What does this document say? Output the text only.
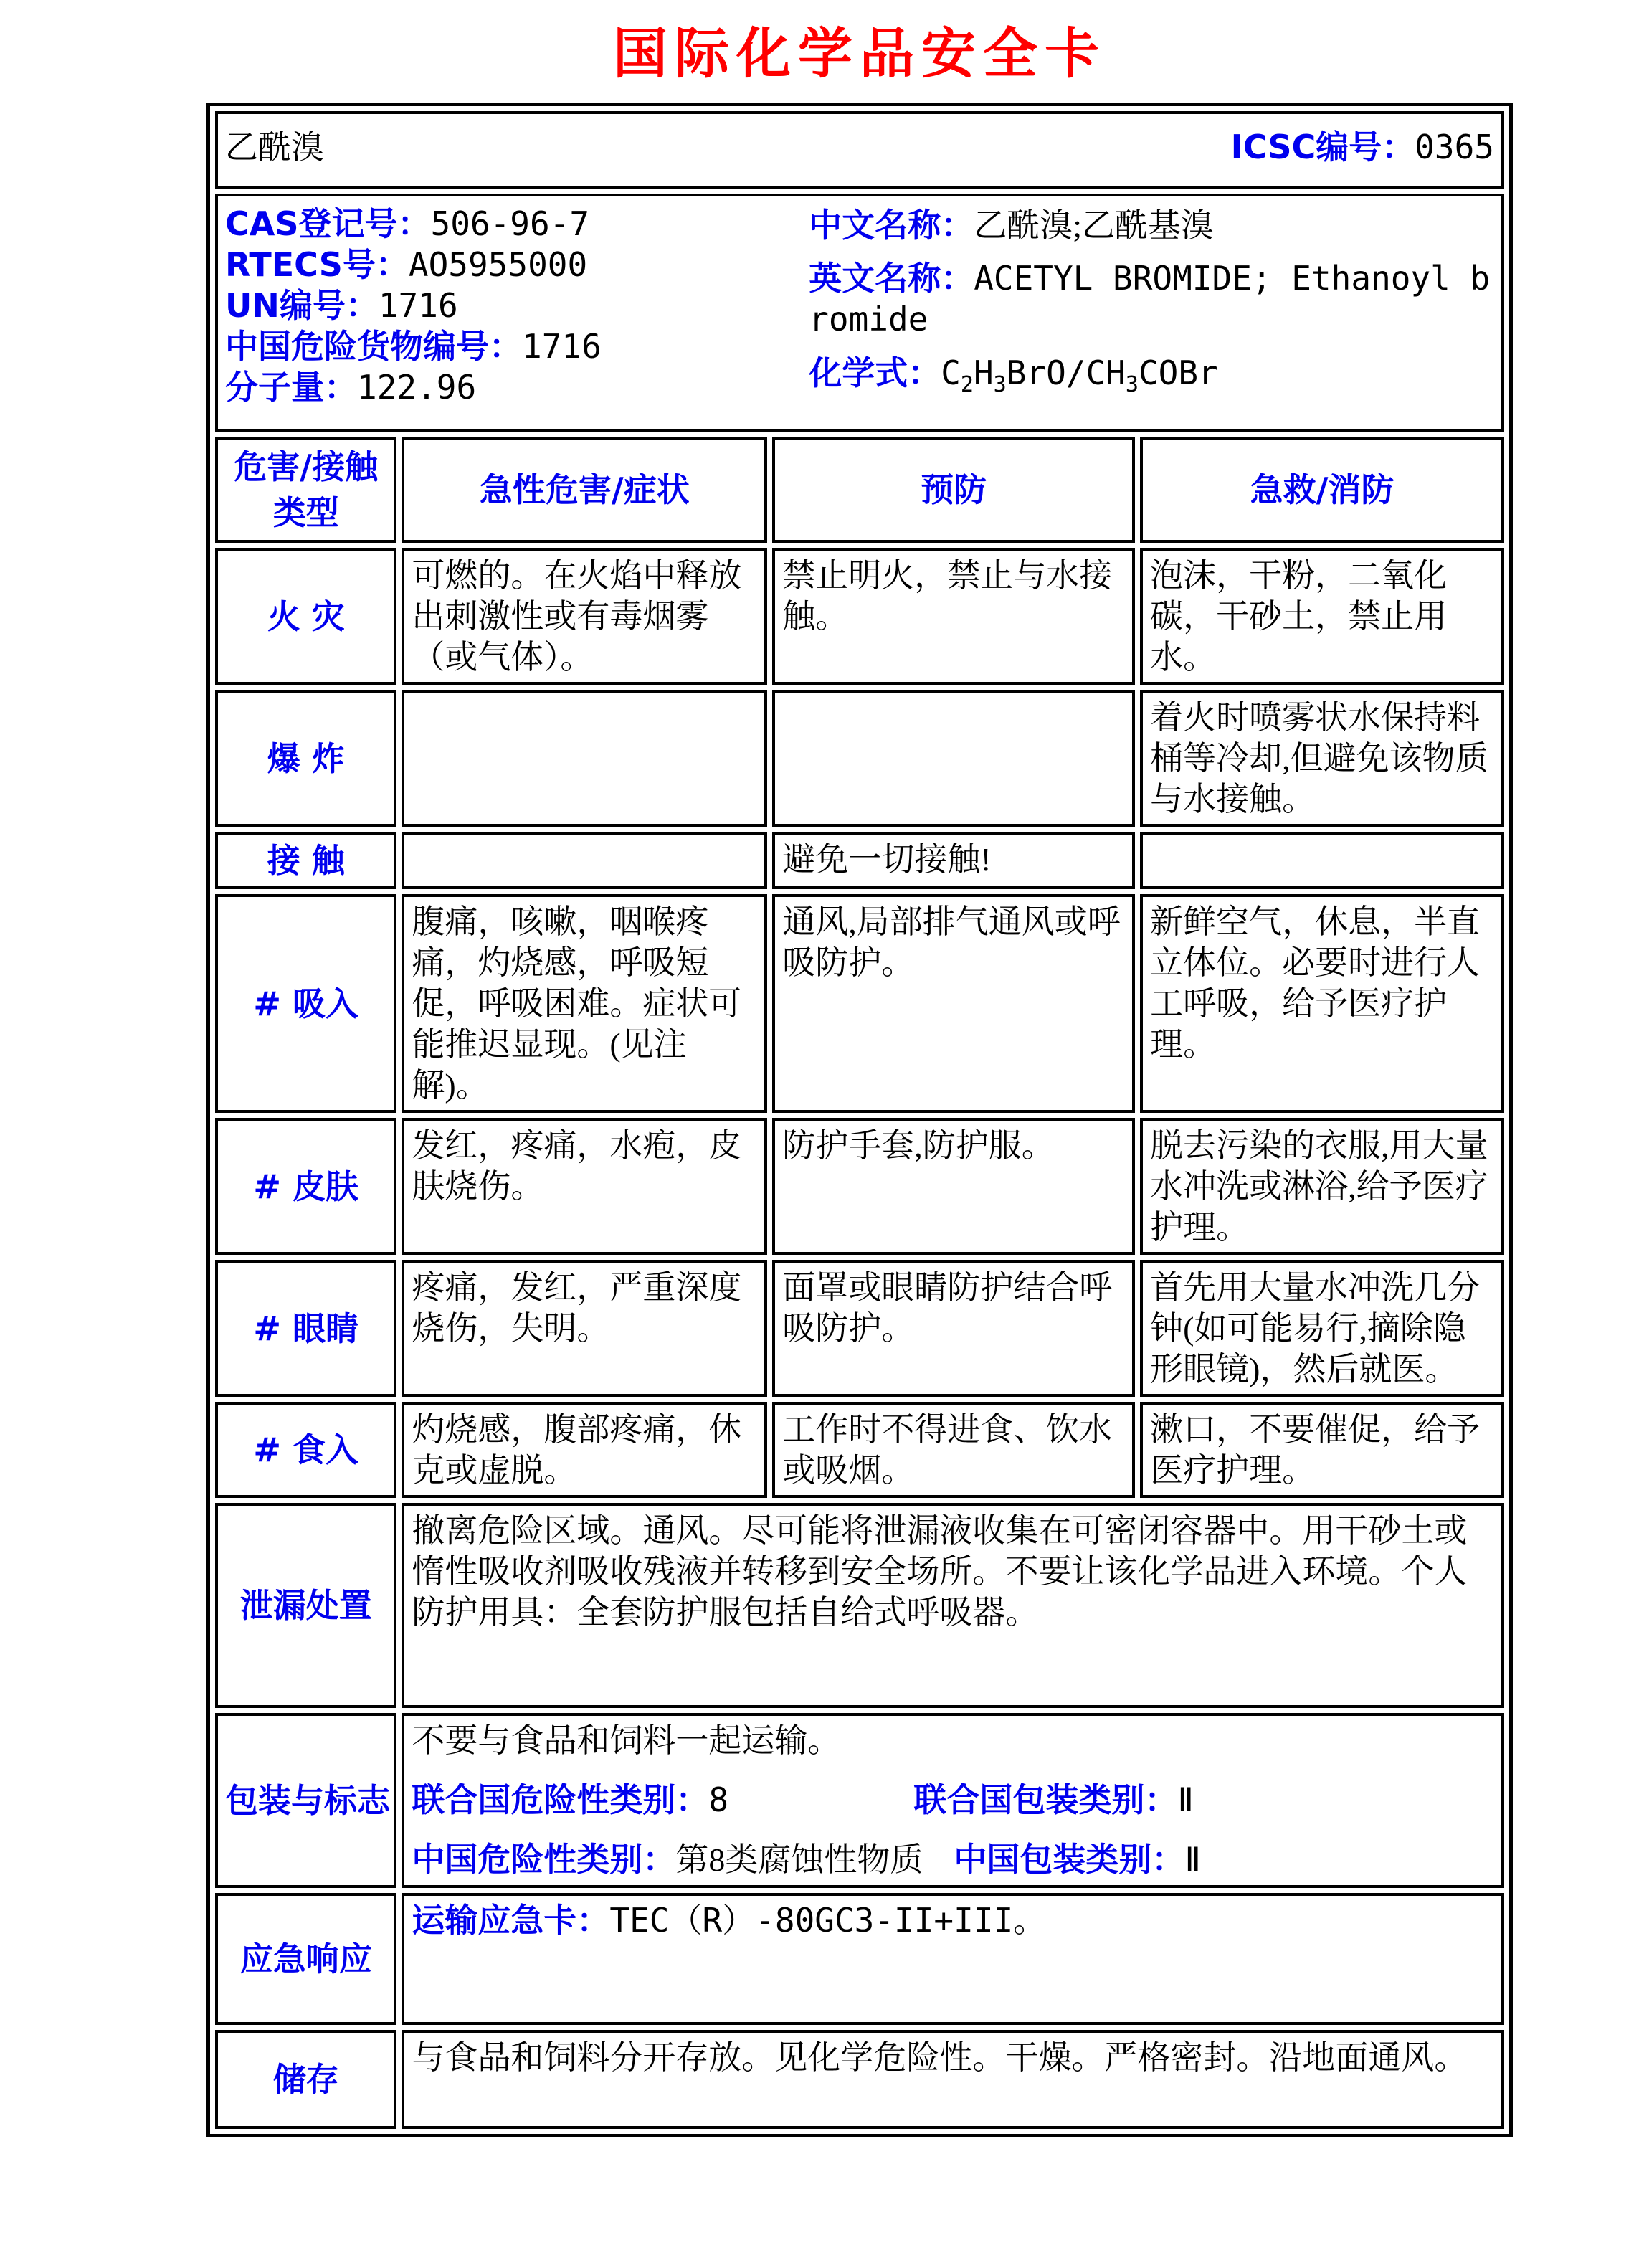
国际化学品安全卡
乙酰溴 ICSC编号：0365			

CAS登记号：506-96-7
RTECS号：AO5955000
UN编号：1716
中国危险货物编号：1716
分子量：122.96
中文名称：乙酰溴;乙酰基溴
英文名称：ACETYL BROMIDE; Ethanoyl bromide
化学式：$C_2H_3BrO/CH_3COBr$

危害/接触类型	急性危害/症状	预防	急救/消防
火 灾	可燃的。在火焰中释放出刺激性或有毒烟雾（或气体）。	禁止明火，禁止与水接触。	泡沫，干粉，二氧化碳，干砂土，禁止用水。
爆 炸			着火时喷雾状水保持料桶等冷却,但避免该物质与水接触。
接 触		避免一切接触!	
# 吸入	腹痛，咳嗽，咽喉疼痛，灼烧感，呼吸短促，呼吸困难。症状可能推迟显现。(见注解)。	通风,局部排气通风或呼吸防护。	新鲜空气，休息，半直立体位。必要时进行人工呼吸，给予医疗护理。
# 皮肤	发红，疼痛，水疱，皮肤烧伤。	防护手套,防护服。	脱去污染的衣服,用大量水冲洗或淋浴,给予医疗护理。
# 眼睛	疼痛，发红，严重深度烧伤，失明。	面罩或眼睛防护结合呼吸防护。	首先用大量水冲洗几分钟(如可能易行,摘除隐形眼镜)，然后就医。
# 食入	灼烧感，腹部疼痛，休克或虚脱。	工作时不得进食、饮水或吸烟。	漱口，不要催促，给予医疗护理。
泄漏处置	撤离危险区域。通风。尽可能将泄漏液收集在可密闭容器中。用干砂土或惰性吸收剂吸收残液并转移到安全场所。不要让该化学品进入环境。个人防护用具：全套防护服包括自给式呼吸器。		
包装与标志	不要与食品和饲料一起运输。
联合国危险性类别：8 联合国包装类别：Ⅱ
中国危险性类别：第8类腐蚀性物质 中国包装类别：Ⅱ		

应急响应	运输应急卡：TEC（R）-80GC3-II+III。		
储存	与食品和饲料分开存放。见化学危险性。干燥。严格密封。沿地面通风。		
